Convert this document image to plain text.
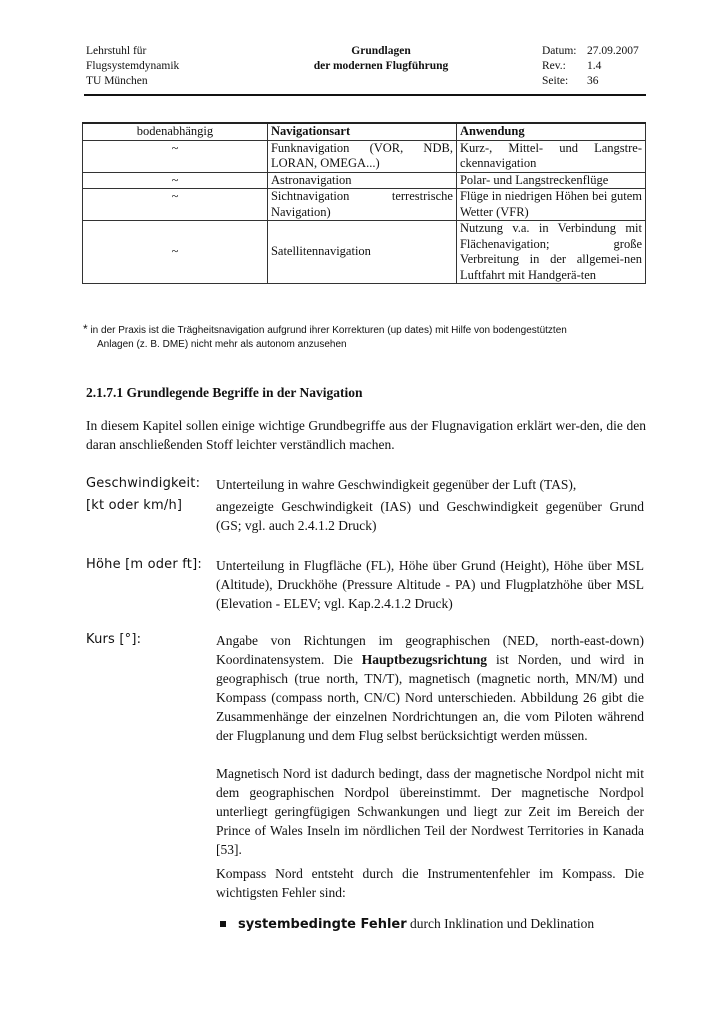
Lehrstuhl für
Flugsystemdynamik
TU München
Grundlagen
der modernen Flugführung
Datum: 27.09.2007
Rev.:	1.4
Seite:	36
bodenabhängig	Navigationsart	Anwendung
~	Funknavigation (VOR, NDB, LORAN, OMEGA...)	Kurz-, Mittel- und Langstre-ckennavigation
~	Astronavigation	Polar- und Langstreckenflüge
~	Sichtnavigation terrestrische Navigation)	Flüge in niedrigen Höhen bei gutem Wetter (VFR)
~	Satellitennavigation	Nutzung v.a. in Verbindung mit Flächenavigation; große Verbreitung in der allgemei-nen Luftfahrt mit Handgerä-ten
* in der Praxis ist die Trägheitsnavigation aufgrund ihrer Korrekturen (up dates) mit Hilfe von bodengestützten
Anlagen (z. B. DME) nicht mehr als autonom anzusehen
2.1.7.1 Grundlegende Begriffe in der Navigation
In diesem Kapitel sollen einige wichtige Grundbegriffe aus der Flugnavigation erklärt wer-den, die den daran anschließenden Stoff leichter verständlich machen.
Geschwindigkeit: Unterteilung in wahre Geschwindigkeit gegenüber der Luft (TAS),
[kt oder km/h]	angezeigte Geschwindigkeit (IAS) und Geschwindigkeit gegenüber Grund (GS; vgl. auch 2.4.1.2 Druck)
Höhe [m oder ft]: Unterteilung in Flugfläche (FL), Höhe über Grund (Height), Höhe über MSL (Altitude), Druckhöhe (Pressure Altitude - PA) und Flugplatzhöhe über MSL (Elevation - ELEV; vgl. Kap.2.4.1.2 Druck)
Kurs [°]:	Angabe von Richtungen im geographischen (NED, north-east-down) Koordinatensystem. Die Hauptbezugsrichtung ist Norden, und wird in geographisch (true north, TN/T), magnetisch (magnetic north, MN/M) und Kompass (compass north, CN/C) Nord unterschieden. Abbildung 26 gibt die Zusammenhänge der einzelnen Nordrichtungen an, die vom Piloten während der Flugplanung und dem Flug selbst berücksichtigt werden müssen.
Magnetisch Nord ist dadurch bedingt, dass der magnetische Nordpol nicht mit dem geographischen Nordpol übereinstimmt. Der magnetische Nordpol unterliegt geringfügigen Schwankungen und liegt zur Zeit im Bereich der Prince of Wales Inseln im nördlichen Teil der Nordwest Territories in Kanada [53].
Kompass Nord entsteht durch die Instrumentenfehler im Kompass. Die wichtigsten Fehler sind:
systembedingte Fehler durch Inklination und Deklination
